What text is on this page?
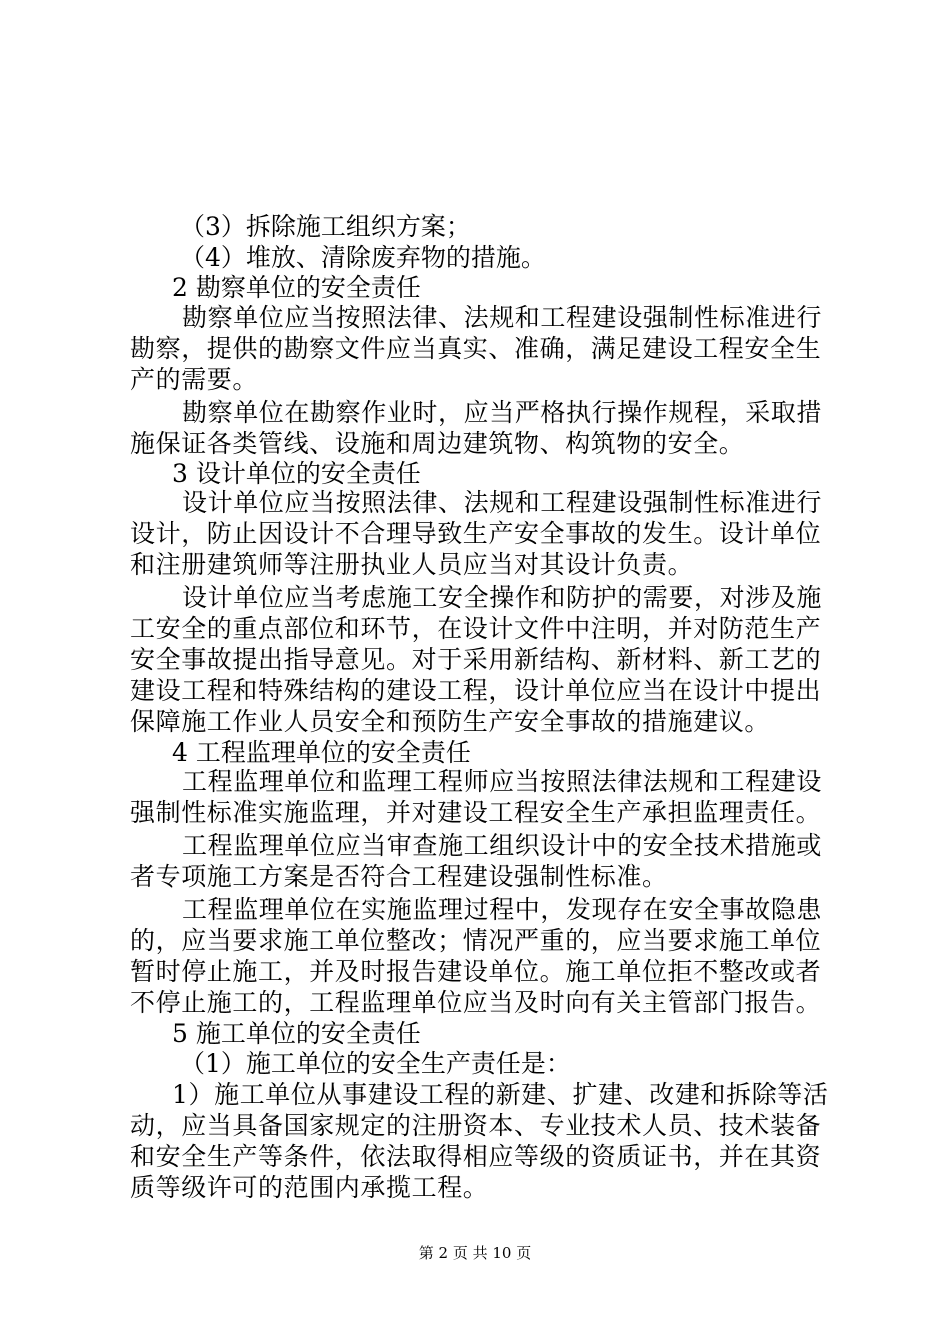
（3）拆除施工组织方案；
（4）堆放、清除废弃物的措施。
2 勘察单位的安全责任
勘察单位应当按照法律、法规和工程建设强制性标准进行
勘察，提供的勘察文件应当真实、准确，满足建设工程安全生
产的需要。
勘察单位在勘察作业时，应当严格执行操作规程，采取措
施保证各类管线、设施和周边建筑物、构筑物的安全。
3 设计单位的安全责任
设计单位应当按照法律、法规和工程建设强制性标准进行
设计，防止因设计不合理导致生产安全事故的发生。设计单位
和注册建筑师等注册执业人员应当对其设计负责。
设计单位应当考虑施工安全操作和防护的需要，对涉及施
工安全的重点部位和环节，在设计文件中注明，并对防范生产
安全事故提出指导意见。对于采用新结构、新材料、新工艺的
建设工程和特殊结构的建设工程，设计单位应当在设计中提出
保障施工作业人员安全和预防生产安全事故的措施建议。
4 工程监理单位的安全责任
工程监理单位和监理工程师应当按照法律法规和工程建设
强制性标准实施监理，并对建设工程安全生产承担监理责任。
工程监理单位应当审查施工组织设计中的安全技术措施或
者专项施工方案是否符合工程建设强制性标准。
工程监理单位在实施监理过程中，发现存在安全事故隐患
的，应当要求施工单位整改；情况严重的，应当要求施工单位
暂时停止施工，并及时报告建设单位。施工单位拒不整改或者
不停止施工的，工程监理单位应当及时向有关主管部门报告。
5 施工单位的安全责任
（1）施工单位的安全生产责任是：
1）施工单位从事建设工程的新建、扩建、改建和拆除等活
动，应当具备国家规定的注册资本、专业技术人员、技术装备
和安全生产等条件，依法取得相应等级的资质证书，并在其资
质等级许可的范围内承揽工程。
第 2 页 共 10 页
